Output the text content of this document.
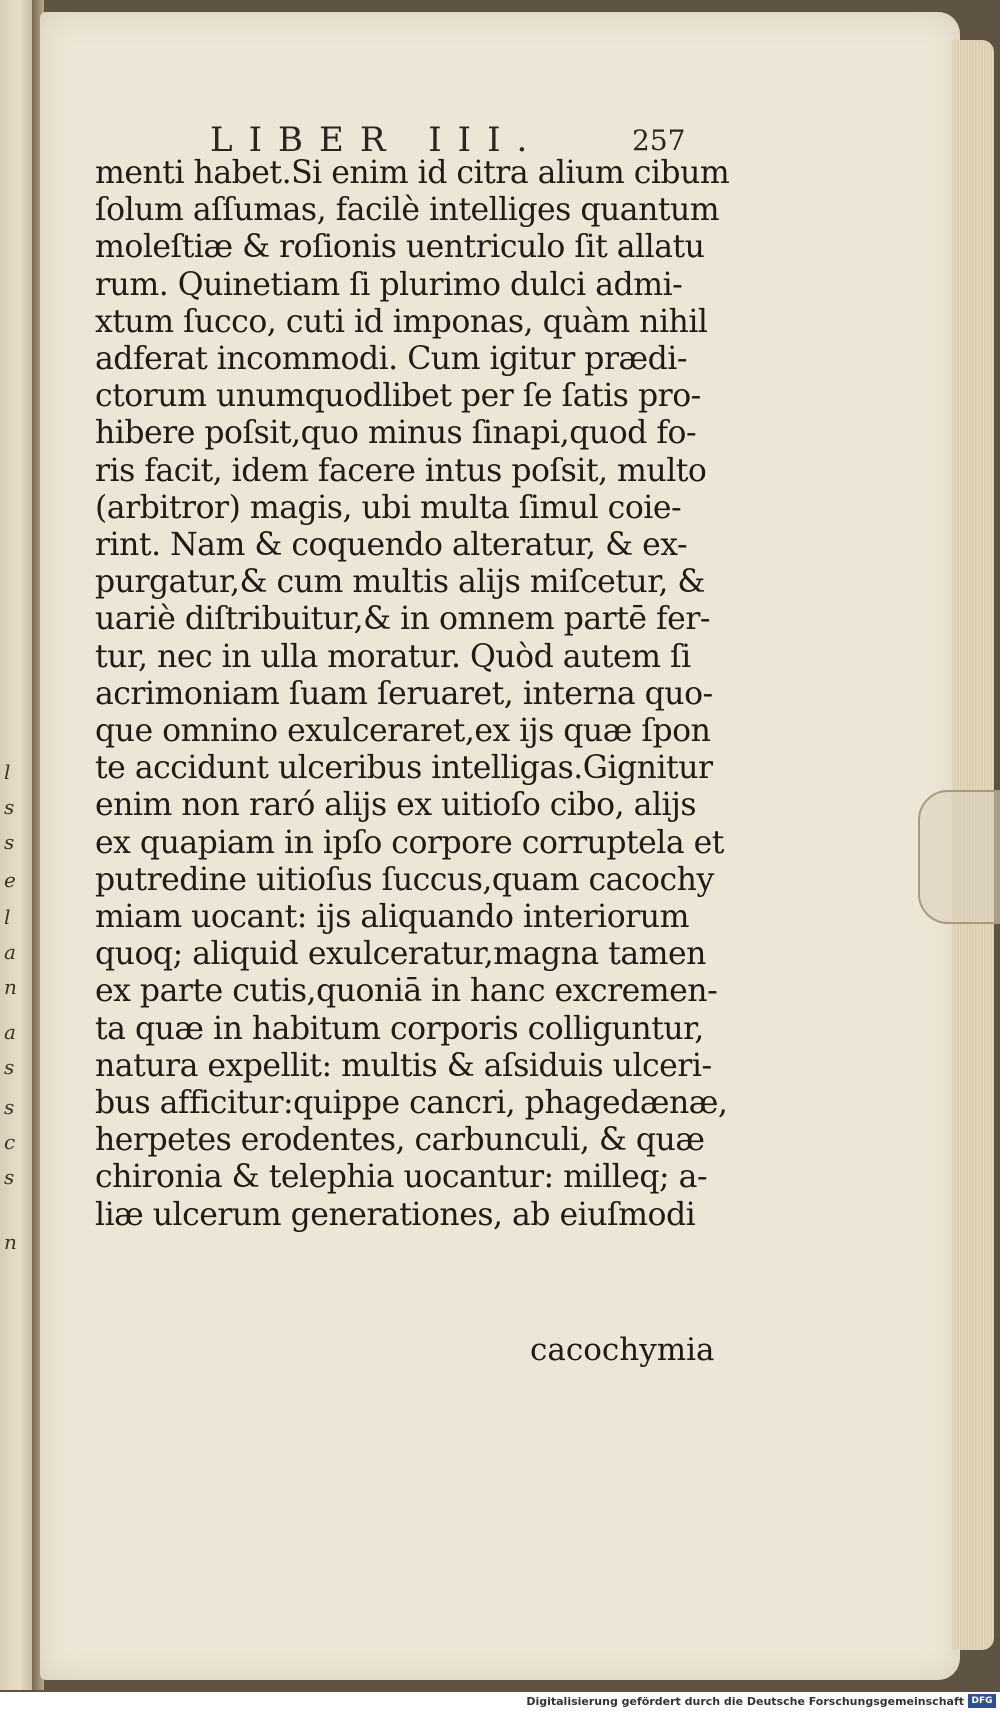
l
s
s
e
l
a
n
a
s
s
c
s
n
LIBER III.	257
menti habet.Si enim id citra alium cibum
ſolum aſſumas, facilè intelliges quantum
moleſtiæ & roſionis uentriculo ſit allatu
rum. Quinetiam ſi plurimo dulci admi-
xtum ſucco, cuti id imponas, quàm nihil
adferat incommodi. Cum igitur prædi-
ctorum unumquodlibet per ſe ſatis pro-
hibere poſsit,quo minus ſinapi,quod fo-
ris facit, idem facere intus poſsit, multo
(arbitror) magis, ubi multa ſimul coie-
rint. Nam & coquendo alteratur, & ex-
purgatur,& cum multis alijs miſcetur, &
uariè diſtribuitur,& in omnem partē fer-
tur, nec in ulla moratur. Quòd autem ſi
acrimoniam ſuam ſeruaret, interna quo-
que omnino exulceraret,ex ijs quæ ſpon
te accidunt ulceribus intelligas.Gignitur
enim non raró alijs ex uitioſo cibo, alijs
ex quapiam in ipſo corpore corruptela et
putredine uitioſus ſuccus,quam cacochy
miam uocant: ijs aliquando interiorum
quoq; aliquid exulceratur,magna tamen
ex parte cutis,quoniā in hanc excremen-
ta quæ in habitum corporis colliguntur,
natura expellit: multis & aſsiduis ulceri-
bus afficitur:quippe cancri, phagedænæ,
herpetes erodentes, carbunculi, & quæ
chironia & telephia uocantur: milleq; a-
liæ ulcerum generationes, ab eiuſmodi
cacochymia
Digitalisierung gefördert durch die Deutsche Forschungsgemeinschaft DFG
